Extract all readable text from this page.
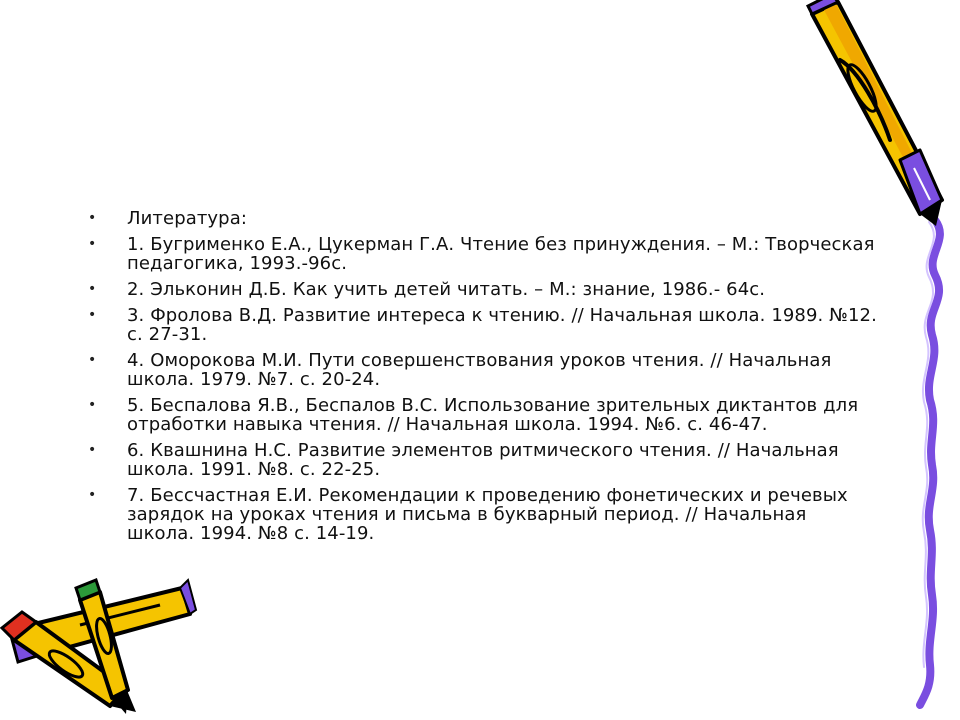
•	Литература:
•	1. Бугрименко Е.А., Цукерман Г.А. Чтение без принуждения. – М.: Творческая педагогика, 1993.-96с.
•	2. Эльконин Д.Б. Как учить детей читать. – М.: знание, 1986.- 64с.
•	3. Фролова В.Д. Развитие интереса к чтению. // Начальная школа. 1989. №12. с. 27-31.
•	4. Оморокова М.И. Пути совершенствования уроков чтения. // Начальная школа. 1979. №7. с. 20-24.
•	5. Беспалова Я.В., Беспалов В.С. Использование зрительных диктантов для отработки навыка чтения. // Начальная школа. 1994. №6. с. 46-47.
•	6. Квашнина Н.С. Развитие элементов ритмического чтения. // Начальная школа. 1991. №8. с. 22-25.
•	7. Бессчастная Е.И. Рекомендации к проведению фонетических и речевых зарядок на уроках чтения и письма в букварный период. // Начальная школа. 1994. №8 с. 14-19.
